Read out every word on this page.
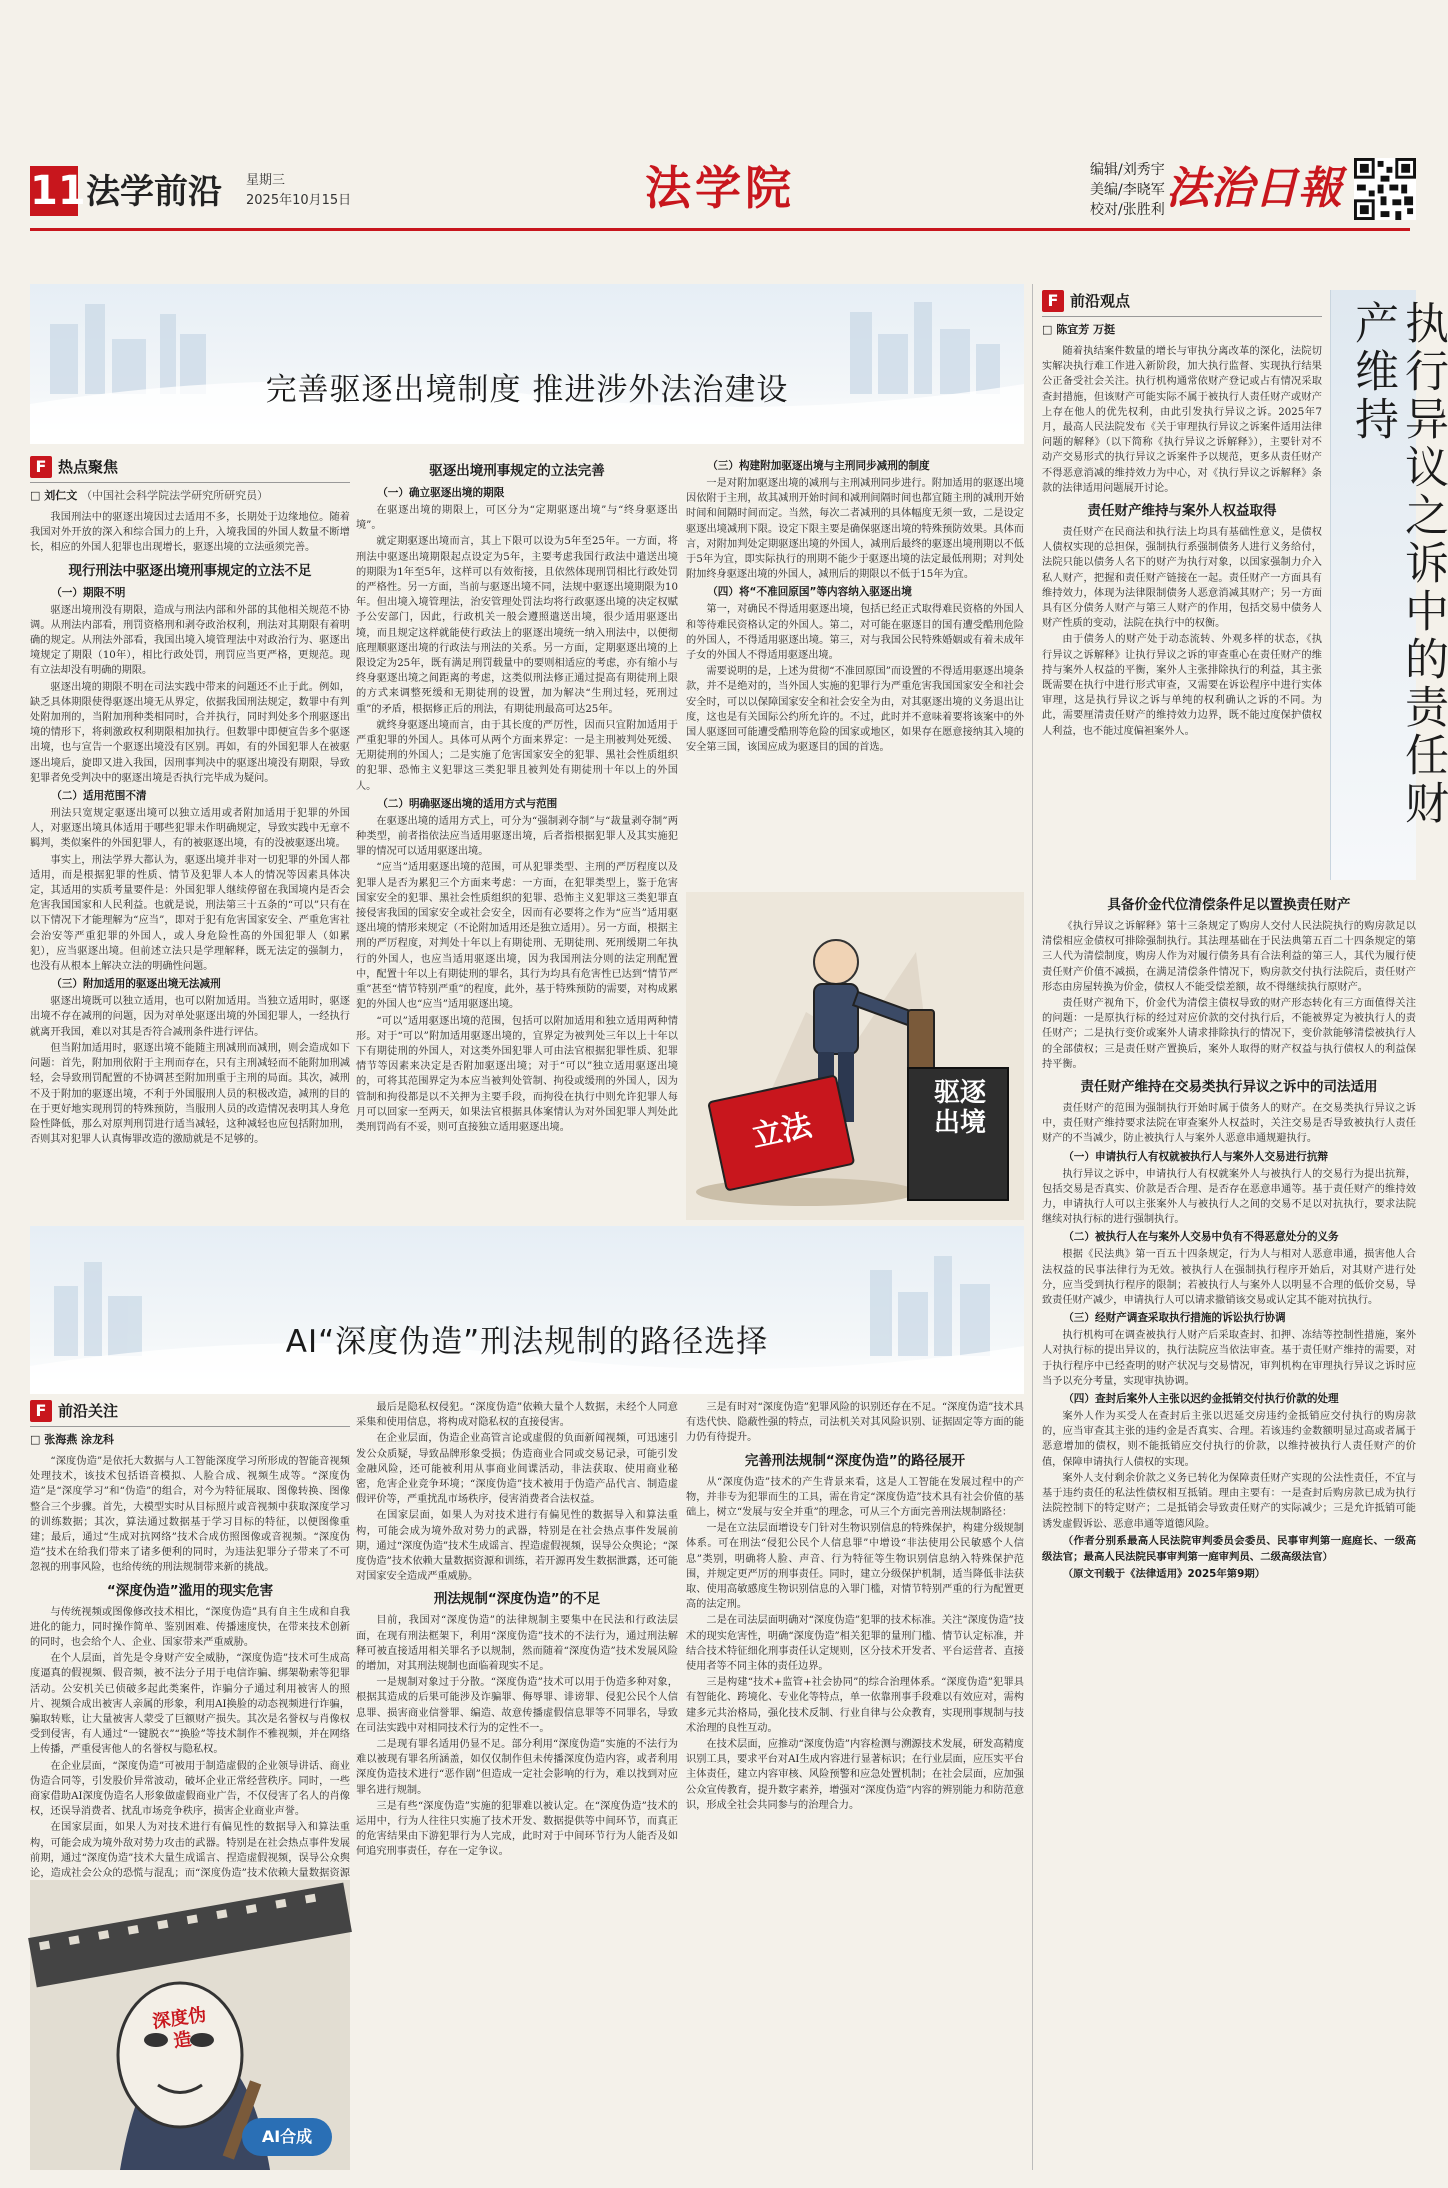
11 法学前沿 星期三
2025年10月15日	法学院	编辑/刘秀宇
美编/李晓军
校对/张胜利 法治日報
完善驱逐出境制度 推进涉外法治建设
F 热点聚焦
□ 刘仁文 （中国社会科学院法学研究所研究员）

我国刑法中的驱逐出境因过去适用不多，长期处于边缘地位。随着我国对外开放的深入和综合国力的上升，入境我国的外国人数量不断增长，相应的外国人犯罪也出现增长，驱逐出境的立法亟须完善。

现行刑法中驱逐出境刑事规定的立法不足
（一）期限不明

驱逐出境刑没有期限，造成与刑法内部和外部的其他相关规范不协调。从刑法内部看，刑罚资格刑和剥夺政治权利，刑法对其期限有着明确的规定。从刑法外部看，我国出境入境管理法中对政治行为、驱逐出境规定了期限（10年），相比行政处罚，刑罚应当更严格，更规范。现有立法却没有明确的期限。

驱逐出境的期限不明在司法实践中带来的问题还不止于此。例如，缺乏具体期限使得驱逐出境无从界定，依据我国刑法规定，数罪中有判处附加刑的，当附加刑种类相同时，合并执行，同时判处多个刑驱逐出境的情形下，将刺激政权利期限相加执行。但数罪中即便宣告多个驱逐出境，也与宣告一个驱逐出境没有区别。再如，有的外国犯罪人在被驱逐出境后，旋即又进入我国，因刑事判决中的驱逐出境没有期限，导致犯罪者免受判决中的驱逐出境是否执行完毕成为疑问。

（二）适用范围不清

刑法只宽规定驱逐出境可以独立适用或者附加适用于犯罪的外国人，对驱逐出境具体适用于哪些犯罪未作明确规定，导致实践中无章不羁判，类似案件的外国犯罪人，有的被驱逐出境，有的没被驱逐出境。

事实上，刑法学界大都认为，驱逐出境并非对一切犯罪的外国人都适用，而是根据犯罪的性质、情节及犯罪人本人的情况等因素具体决定，其适用的实质考量要件是：外国犯罪人继续停留在我国境内是否会危害我国国家和人民利益。也就是说，刑法第三十五条的“可以”只有在以下情况下才能理解为“应当”，即对于犯有危害国家安全、严重危害社会治安等严重犯罪的外国人，或人身危险性高的外国犯罪人（如累犯），应当驱逐出境。但前述立法只是学理解释，既无法定的强制力，也没有从根本上解决立法的明确性问题。

（三）附加适用的驱逐出境无法减刑

驱逐出境既可以独立适用，也可以附加适用。当独立适用时，驱逐出境不存在减刑的问题，因为对单处驱逐出境的外国犯罪人，一经执行就离开我国，难以对其是否符合减刑条件进行评估。

但当附加适用时，驱逐出境不能随主刑减刑而减刑，则会造成如下问题：首先，附加刑依附于主刑而存在，只有主刑减轻而不能附加刑减轻，会导致刑罚配置的不协调甚至附加刑重于主刑的局面。其次，减刑不及于附加的驱逐出境，不利于外国服刑人员的积极改造，减刑的目的在于更好地实现刑罚的特殊预防，当服刑人员的改造情况表明其人身危险性降低，那么对原判刑罚进行适当减轻，这种减轻也应包括附加刑，否则其对犯罪人认真悔罪改造的激励就是不足够的。

驱逐出境刑事规定的立法完善
（一）确立驱逐出境的期限

在驱逐出境的期限上，可区分为“定期驱逐出境”与“终身驱逐出境”。

就定期驱逐出境而言，其上下限可以设为5年至25年。一方面，将刑法中驱逐出境期限起点设定为5年，主要考虑我国行政法中遣送出境的期限为1年至5年，这样可以有效衔接，且依然体现刑罚相比行政处罚的严格性。另一方面，当前与驱逐出境不同，法规中驱逐出境期限为10年。但出境入境管理法，治安管理处罚法均将行政驱逐出境的决定权赋予公安部门，因此，行政机关一般会遵照遣送出境，很少适用驱逐出境，而且规定这样就能使行政法上的驱逐出境统一纳入刑法中，以便彻底理顺驱逐出境的行政法与刑法的关系。另一方面，定期驱逐出境的上限设定为25年，既有满足刑罚载量中的要则相适应的考虑，亦有缩小与终身驱逐出境之间距离的考虑，这类似刑法修正通过提高有期徒刑上限的方式来调整死缓和无期徒刑的设置，加为解决“生刑过轻，死刑过重”的矛盾，根据修正后的刑法，有期徒刑最高可达25年。

就终身驱逐出境而言，由于其长度的严厉性，因而只宜附加适用于严重犯罪的外国人。具体可从两个方面来界定：一是主刑被判处死缓、无期徒刑的外国人；二是实施了危害国家安全的犯罪、黑社会性质组织的犯罪、恐怖主义犯罪这三类犯罪且被判处有期徒刑十年以上的外国人。

（二）明确驱逐出境的适用方式与范围

在驱逐出境的适用方式上，可分为“强制剥夺制”与“裁量剥夺制”两种类型，前者指依法应当适用驱逐出境，后者指根据犯罪人及其实施犯罪的情况可以适用驱逐出境。

“应当”适用驱逐出境的范围，可从犯罪类型、主刑的严厉程度以及犯罪人是否为累犯三个方面来考虑：一方面，在犯罪类型上，鉴于危害国家安全的犯罪、黑社会性质组织的犯罪、恐怖主义犯罪这三类犯罪直接侵害我国的国家安全或社会安全，因而有必要将之作为“应当”适用驱逐出境的情形来规定（不论附加适用还是独立适用）。另一方面，根据主刑的严厉程度，对判处十年以上有期徒刑、无期徒刑、死刑缓期二年执行的外国人，也应当适用驱逐出境，因为我国刑法分则的法定刑配置中，配置十年以上有期徒刑的罪名，其行为均具有危害性已达到“情节严重”甚至“情节特别严重”的程度，此外，基于特殊预防的需要，对构成累犯的外国人也“应当”适用驱逐出境。

“可以”适用驱逐出境的范围，包括可以附加适用和独立适用两种情形。对于“可以”附加适用驱逐出境的，宜界定为被判处三年以上十年以下有期徒刑的外国人，对这类外国犯罪人可由法官根据犯罪性质、犯罪情节等因素来决定是否附加驱逐出境；对于“可以”独立适用驱逐出境的，可将其范围界定为本应当被判处管制、拘役或缓刑的外国人，因为管制和拘役都是以不关押为主要手段，而拘役在执行中则允许犯罪人每月可以回家一至两天，如果法官根据具体案情认为对外国犯罪人判处此类刑罚尚有不妥，则可直接独立适用驱逐出境。

（三）构建附加驱逐出境与主刑同步减刑的制度

一是对附加驱逐出境的减刑与主刑减刑同步进行。附加适用的驱逐出境因依附于主刑，故其减刑开始时间和减刑间隔时间也都宜随主刑的减刑开始时间和间隔时间而定。当然，每次二者减刑的具体幅度无须一致，二是设定驱逐出境减刑下限。设定下限主要是确保驱逐出境的特殊预防效果。具体而言，对附加判处定期驱逐出境的外国人，减刑后最终的驱逐出境刑期以不低于5年为宜，即实际执行的刑期不能少于驱逐出境的法定最低刑期；对判处附加终身驱逐出境的外国人，减刑后的期限以不低于15年为宜。

（四）将“不准回原国”等内容纳入驱逐出境

第一，对确民不得适用驱逐出境，包括已经正式取得难民资格的外国人和等待难民资格认定的外国人。第二，对可能在驱逐目的国有遭受酷刑危险的外国人，不得适用驱逐出境。第三，对与我国公民特殊婚姻或有着未成年子女的外国人不得适用驱逐出境。

需要说明的是，上述为贯彻“不准回原国”而设置的不得适用驱逐出境条款，并不是绝对的，当外国人实施的犯罪行为严重危害我国国家安全和社会安全时，可以以保障国家安全和社会安全为由，对其驱逐出境的义务退出让度，这也是有关国际公约所允许的。不过，此时并不意味着要将该案中的外国人驱逐回可能遭受酷刑等危险的国家或地区，如果存在愿意接纳其入境的安全第三国，该国应成为驱逐目的国的首选。

立法
驱逐出境
AI“深度伪造”刑法规制的路径选择
F 前沿关注
□ 张海燕 涂龙科

“深度伪造”是依托大数据与人工智能深度学习所形成的智能音视频处理技术，该技术包括语音模拟、人脸合成、视频生成等。“深度伪造”是“深度学习”和“伪造”的组合，对今为特征展取、图像转换、图像整合三个步骤。首先，大模型实时从目标照片或音视频中获取深度学习的训练数据；其次，算法通过数据基于学习目标的特征，以便图像重建；最后，通过“生成对抗网络”技术合成仿照图像或音视频。“深度伪造”技术在给我们带来了诸多便利的同时，为违法犯罪分子带来了不可忽视的刑事风险，也给传统的刑法规制带来新的挑战。

“深度伪造”滥用的现实危害

与传统视频或图像修改技术相比，“深度伪造”具有自主生成和自我进化的能力，同时操作简单、鉴别困难、传播速度快，在带来技术创新的同时，也会给个人、企业、国家带来严重威胁。

在个人层面，首先是令身财产安全威胁，“深度伪造”技术可生成高度逼真的假视频、假音频，被不法分子用于电信诈骗、绑架勒索等犯罪活动。公安机关已侦破多起此类案件，诈骗分子通过利用被害人的照片、视频合成出被害人亲属的形象，利用AI换脸的动态视频进行诈骗，骗取转账，让大量被害人蒙受了巨额财产损失。其次是名誉权与肖像权受到侵害，有人通过“一键脱衣”“换脸”等技术制作不雅视频，并在网络上传播，严重侵害他人的名誉权与隐私权。

在企业层面，“深度伪造”可被用于制造虚假的企业领导讲话、商业伪造合同等，引发股价异常波动，破坏企业正常经营秩序。同时，一些商家借助AI深度伪造名人形象做虚假商业广告，不仅侵害了名人的肖像权，还误导消费者、扰乱市场竞争秩序，损害企业商业声誉。

在国家层面，如果人为对技术进行有偏见性的数据导入和算法重构，可能会成为境外敌对势力攻击的武器。特别是在社会热点事件发展前期，通过“深度伪造”技术大量生成谣言、捏造虚假视频，误导公众舆论，造成社会公众的恐慌与混乱；而“深度伪造”技术依赖大量数据资源

深度伪造
AI合成

最后是隐私权侵犯。“深度伪造”依赖大量个人数据，未经个人同意采集和使用信息，将构成对隐私权的直接侵害。

在企业层面，伪造企业高管言论或虚假的负面新闻视频，可迅速引发公众质疑，导致品牌形象受损；伪造商业合同或交易记录，可能引发金融风险，还可能被利用从事商业间谍活动，非法获取、使用商业秘密，危害企业竞争环境；“深度伪造”技术被用于伪造产品代言、制造虚假评价等，严重扰乱市场秩序，侵害消费者合法权益。

在国家层面，如果人为对技术进行有偏见性的数据导入和算法重构，可能会成为境外敌对势力的武器，特别是在社会热点事件发展前期，通过“深度伪造”技术生成谣言、捏造虚假视频，误导公众舆论；“深度伪造”技术依赖大量数据资源和训练，若开源再发生数据泄露，还可能对国家安全造成严重威胁。

刑法规制“深度伪造”的不足

目前，我国对“深度伪造”的法律规制主要集中在民法和行政法层面，在现有刑法框架下，利用“深度伪造”技术的不法行为，通过刑法解释可被直接适用相关罪名予以规制，然而随着“深度伪造”技术发展风险的增加，对其刑法规制也面临着现实不足。

一是规制对象过于分散。“深度伪造”技术可以用于伪造多种对象，根据其造成的后果可能涉及诈骗罪、侮辱罪、诽谤罪、侵犯公民个人信息罪、损害商业信誉罪、编造、故意传播虚假信息罪等不同罪名，导致在司法实践中对相同技术行为的定性不一。

二是现有罪名适用仍显不足。部分利用“深度伪造”实施的不法行为难以被现有罪名所涵盖，如仅仅制作但未传播深度伪造内容，或者利用深度伪造技术进行“恶作剧”但造成一定社会影响的行为，难以找到对应罪名进行规制。

三是有些“深度伪造”实施的犯罪难以被认定。在“深度伪造”技术的运用中，行为人往往只实施了技术开发、数据提供等中间环节，而真正的危害结果由下游犯罪行为人完成，此时对于中间环节行为人能否及如何追究刑事责任，存在一定争议。

三是有时对“深度伪造”犯罪风险的识别还存在不足。“深度伪造”技术具有迭代快、隐蔽性强的特点，司法机关对其风险识别、证据固定等方面的能力仍有待提升。

完善刑法规制“深度伪造”的路径展开

从“深度伪造”技术的产生背景来看，这是人工智能在发展过程中的产物，并非专为犯罪而生的工具，需在肯定“深度伪造”技术具有社会价值的基础上，树立“发展与安全并重”的理念，可从三个方面完善刑法规制路径：

一是在立法层面增设专门针对生物识别信息的特殊保护，构建分级规制体系。可在刑法“侵犯公民个人信息罪”中增设“非法使用公民敏感个人信息”类别，明确将人脸、声音、行为特征等生物识别信息纳入特殊保护范围，并规定更严厉的刑事责任。同时，建立分级保护机制，适当降低非法获取、使用高敏感度生物识别信息的入罪门槛，对情节特别严重的行为配置更高的法定刑。

二是在司法层面明确对“深度伪造”犯罪的技术标准。关注“深度伪造”技术的现实危害性，明确“深度伪造”相关犯罪的量刑门槛、情节认定标准，并结合技术特征细化刑事责任认定规则，区分技术开发者、平台运营者、直接使用者等不同主体的责任边界。

三是构建“技术+监管+社会协同”的综合治理体系。“深度伪造”犯罪具有智能化、跨境化、专业化等特点，单一依靠刑事手段难以有效应对，需构建多元共治格局，强化技术反制、行业自律与公众教育，实现刑事规制与技术治理的良性互动。

在技术层面，应推动“深度伪造”内容检测与溯源技术发展，研发高精度识别工具，要求平台对AI生成内容进行显著标识；在行业层面，应压实平台主体责任，建立内容审核、风险预警和应急处置机制；在社会层面，应加强公众宣传教育，提升数字素养，增强对“深度伪造”内容的辨别能力和防范意识，形成全社会共同参与的治理合力。

F 前沿观点
□ 陈宜芳 万挺	执行异议之诉中的责任财产维持

随着执结案件数量的增长与审执分离改革的深化，法院切实解决执行难工作进入新阶段，加大执行监督、实现执行结果公正备受社会关注。执行机构通常依财产登记或占有情况采取查封措施，但该财产可能实际不属于被执行人责任财产或财产上存在他人的优先权利，由此引发执行异议之诉。2025年7月，最高人民法院发布《关于审理执行异议之诉案件适用法律问题的解释》（以下简称《执行异议之诉解释》），主要针对不动产交易形式的执行异议之诉案件予以规范，更多从责任财产不得恶意消减的维持效力为中心，对《执行异议之诉解释》条款的法律适用问题展开讨论。

责任财产维持与案外人权益取得

责任财产在民商法和执行法上均具有基础性意义，是债权人债权实现的总担保，强制执行系强制债务人进行义务给付，法院只能以债务人名下的财产为执行对象，以国家强制力介入私人财产，把握和责任财产链接在一起。责任财产一方面具有维持效力，体现为法律限制债务人恶意消减其财产；另一方面具有区分债务人财产与第三人财产的作用，包括交易中债务人财产性质的变动，法院在执行中的权衡。

由于债务人的财产处于动态流转、外观多样的状态，《执行异议之诉解释》让执行异议之诉的审查重心在责任财产的维持与案外人权益的平衡，案外人主张排除执行的利益，其主张既需要在执行中进行形式审查，又需要在诉讼程序中进行实体审理，这是执行异议之诉与单纯的权利确认之诉的不同。为此，需要厘清责任财产的维持效力边界，既不能过度保护债权人利益，也不能过度偏袒案外人。

具备价金代位清偿条件足以置换责任财产

《执行异议之诉解释》第十三条规定了购房人交付人民法院执行的购房款足以清偿相应金债权可排除强制执行。其法理基础在于民法典第五百二十四条规定的第三人代为清偿制度，购房人作为对履行债务具有合法利益的第三人，其代为履行使责任财产价值不减损，在满足清偿条件情况下，购房款交付执行法院后，责任财产形态由房屋转换为价金，债权人不能受偿差额，故不得继续执行原财产。

责任财产视角下，价金代为清偿主债权导致的财产形态转化有三方面值得关注的问题：一是原执行标的经过对应价款的交付执行后，不能被界定为被执行人的责任财产；二是执行变价或案外人请求排除执行的情况下，变价款能够清偿被执行人的全部债权；三是责任财产置换后，案外人取得的财产权益与执行债权人的利益保持平衡。

责任财产维持在交易类执行异议之诉中的司法适用

责任财产的范围为强制执行开始时属于债务人的财产。在交易类执行异议之诉中，责任财产维持要求法院在审查案外人权益时，关注交易是否导致被执行人责任财产的不当减少，防止被执行人与案外人恶意串通规避执行。

（一）申请执行人有权就被执行人与案外人交易进行抗辩

执行异议之诉中，申请执行人有权就案外人与被执行人的交易行为提出抗辩，包括交易是否真实、价款是否合理、是否存在恶意串通等。基于责任财产的维持效力，申请执行人可以主张案外人与被执行人之间的交易不足以对抗执行，要求法院继续对执行标的进行强制执行。

（二）被执行人在与案外人交易中负有不得恶意处分的义务

根据《民法典》第一百五十四条规定，行为人与相对人恶意串通，损害他人合法权益的民事法律行为无效。被执行人在强制执行程序开始后，对其财产进行处分，应当受到执行程序的限制；若被执行人与案外人以明显不合理的低价交易，导致责任财产减少，申请执行人可以请求撤销该交易或认定其不能对抗执行。

（三）经财产调查采取执行措施的诉讼执行协调

执行机构可在调查被执行人财产后采取查封、扣押、冻结等控制性措施，案外人对执行标的提出异议的，执行法院应当依法审查。基于责任财产维持的需要，对于执行程序中已经查明的财产状况与交易情况，审判机构在审理执行异议之诉时应当予以充分考量，实现审执协调。

（四）查封后案外人主张以迟约金抵销交付执行价款的处理

案外人作为买受人在查封后主张以迟延交房违约金抵销应交付执行的购房款的，应当审查其主张的违约金是否真实、合理。若该违约金数额明显过高或者属于恶意增加的债权，则不能抵销应交付执行的价款，以维持被执行人责任财产的价值，保障申请执行人债权的实现。

案外人支付剩余价款之义务已转化为保障责任财产实现的公法性责任，不宜与基于违约责任的私法性债权相互抵销。理由主要有：一是查封后购房款已成为执行法院控制下的特定财产；二是抵销会导致责任财产的实际减少；三是允许抵销可能诱发虚假诉讼、恶意串通等道德风险。

（作者分别系最高人民法院审判委员会委员、民事审判第一庭庭长、一级高级法官；最高人民法院民事审判第一庭审判员、二级高级法官）

（原文刊载于《法律适用》2025年第9期）
